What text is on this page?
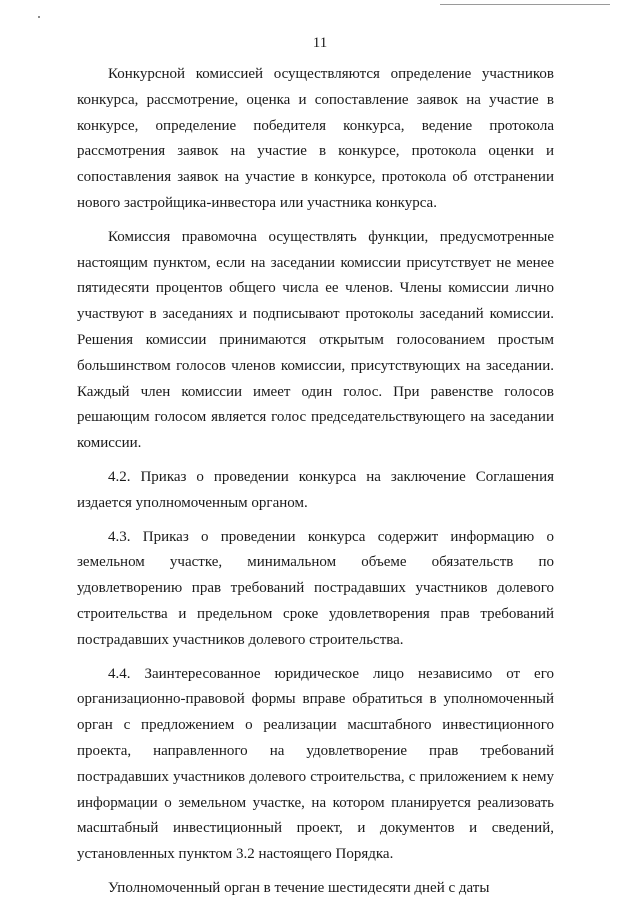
11

Конкурсной комиссией осуществляются определение участников конкурса, рассмотрение, оценка и сопоставление заявок на участие в конкурсе, определение победителя конкурса, ведение протокола рассмотрения заявок на участие в конкурсе, протокола оценки и сопоставления заявок на участие в конкурсе, протокола об отстранении нового застройщика-инвестора или участника конкурса.

Комиссия правомочна осуществлять функции, предусмотренные настоящим пунктом, если на заседании комиссии присутствует не менее пятидесяти процентов общего числа ее членов. Члены комиссии лично участвуют в заседаниях и подписывают протоколы заседаний комиссии. Решения комиссии принимаются открытым голосованием простым большинством голосов членов комиссии, присутствующих на заседании. Каждый член комиссии имеет один голос. При равенстве голосов решающим голосом является голос председательствующего на заседании комиссии.

4.2. Приказ о проведении конкурса на заключение Соглашения издается уполномоченным органом.

4.3. Приказ о проведении конкурса содержит информацию о земельном участке, минимальном объеме обязательств по удовлетворению прав требований пострадавших участников долевого строительства и предельном сроке удовлетворения прав требований пострадавших участников долевого строительства.

4.4. Заинтересованное юридическое лицо независимо от его организационно-правовой формы вправе обратиться в уполномоченный орган с предложением о реализации масштабного инвестиционного проекта, направленного на удовлетворение прав требований пострадавших участников долевого строительства, с приложением к нему информации о земельном участке, на котором планируется реализовать масштабный инвестиционный проект, и документов и сведений, установленных пунктом 3.2 настоящего Порядка.

Уполномоченный орган в течение шестидесяти дней с даты
